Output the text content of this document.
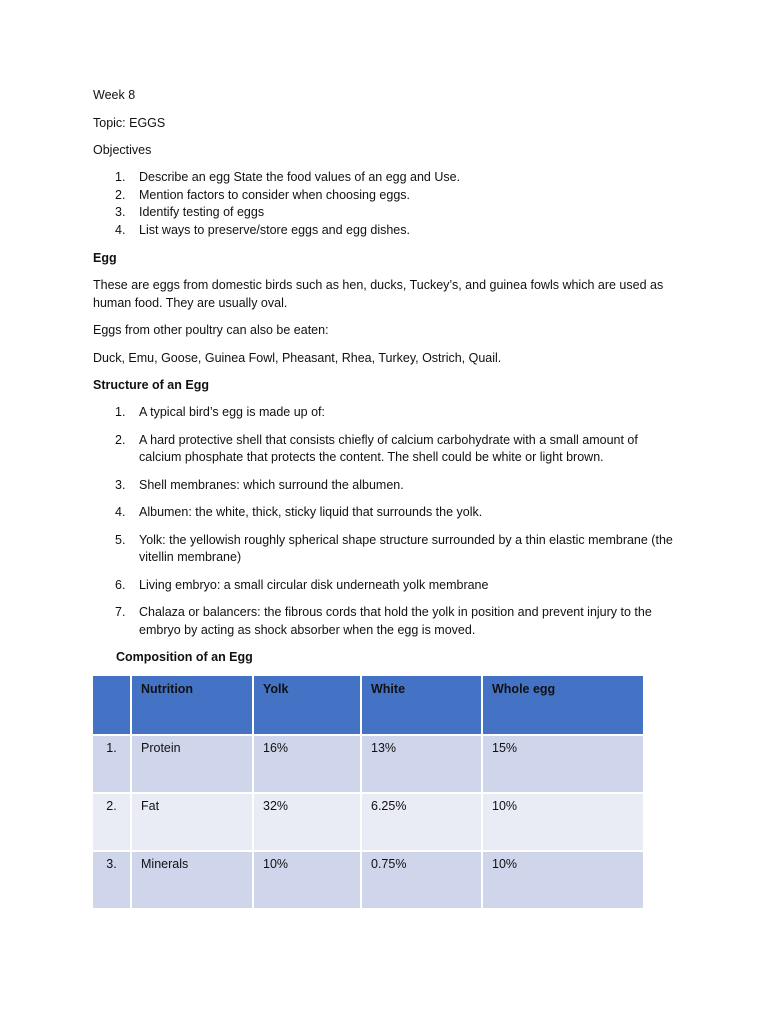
Week 8

Topic: EGGS

Objectives

1.	Describe an egg State the food values of an egg and Use.
2.	Mention factors to consider when choosing eggs.
3.	Identify testing of eggs
4.	List ways to preserve/store eggs and egg dishes.

Egg

These are eggs from domestic birds such as hen, ducks, Tuckey’s, and guinea fowls which are used as human food. They are usually oval.

Eggs from other poultry can also be eaten:

Duck, Emu, Goose, Guinea Fowl, Pheasant, Rhea, Turkey, Ostrich, Quail.

Structure of an Egg

1.	A typical bird’s egg is made up of:
2.	A hard protective shell that consists chiefly of calcium carbohydrate with a small amount of calcium phosphate that protects the content. The shell could be white or light brown.
3.	Shell membranes: which surround the albumen.
4.	Albumen: the white, thick, sticky liquid that surrounds the yolk.
5.	Yolk: the yellowish roughly spherical shape structure surrounded by a thin elastic membrane (the vitellin membrane)
6.	Living embryo: a small circular disk underneath yolk membrane
7.	Chalaza or balancers: the fibrous cords that hold the yolk in position and prevent injury to the embryo by acting as shock absorber when the egg is moved.

Composition of an Egg

	Nutrition	Yolk	White	Whole egg
1.	Protein	16%	13%	15%
2.	Fat	32%	6.25%	10%
3.	Minerals	10%	0.75%	10%
